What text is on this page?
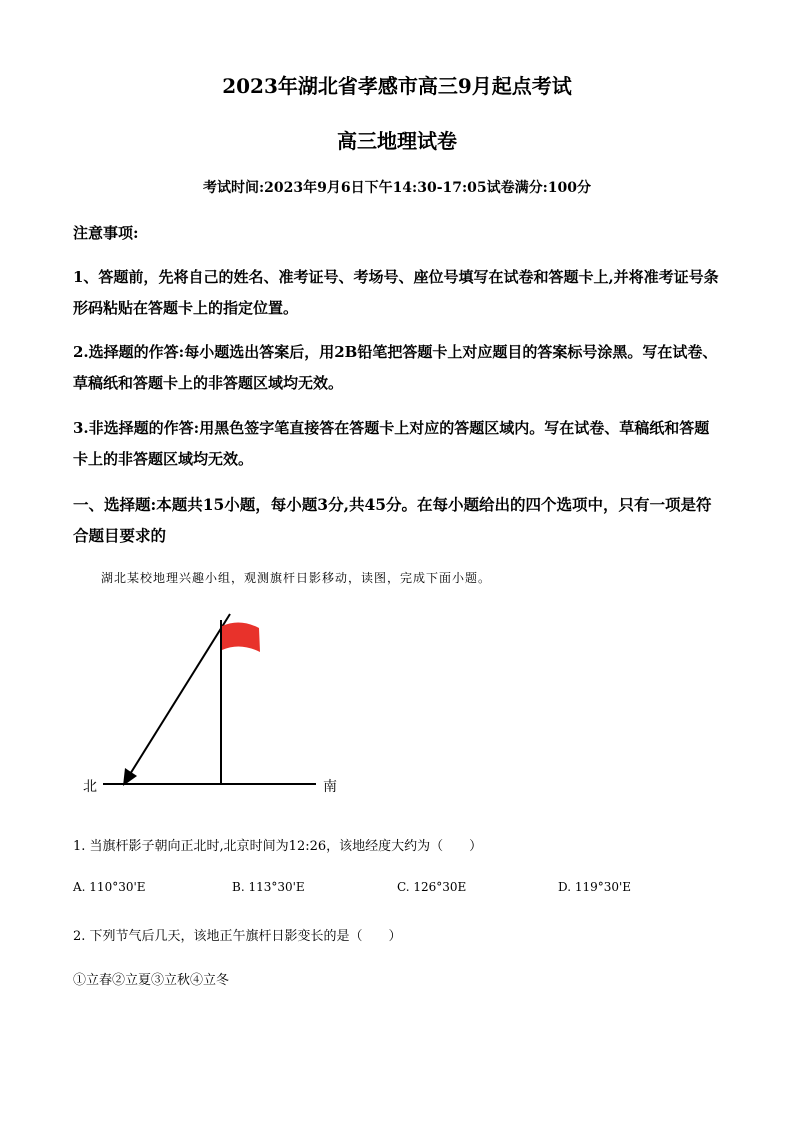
2023年湖北省孝感市高三9月起点考试
高三地理试卷
考试时间:2023年9月6日下午14:30-17:05试卷满分:100分
注意事项:
1、答题前，先将自己的姓名、准考证号、考场号、座位号填写在试卷和答题卡上,并将准考证号条形码粘贴在答题卡上的指定位置。
2.选择题的作答:每小题选出答案后，用2B铅笔把答题卡上对应题目的答案标号涂黑。写在试卷、草稿纸和答题卡上的非答题区域均无效。
3.非选择题的作答:用黑色签字笔直接答在答题卡上对应的答题区域内。写在试卷、草稿纸和答题卡上的非答题区域均无效。
一、选择题:本题共15小题，每小题3分,共45分。在每小题给出的四个选项中，只有一项是符合题目要求的
湖北某校地理兴趣小组，观测旗杆日影移动，读图，完成下面小题。
北	南
1. 当旗杆影子朝向正北时,北京时间为12:26，该地经度大约为（　　）
A. 110°30'E	B. 113°30'E	C. 126°30E	D. 119°30'E
2. 下列节气后几天，该地正午旗杆日影变长的是（　　）
①立春②立夏③立秋④立冬
